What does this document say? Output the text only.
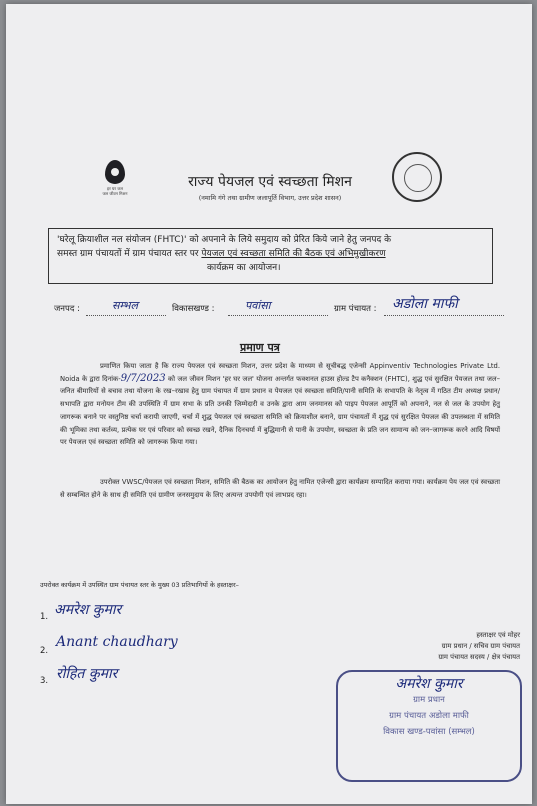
हर घर जल
जल जीवन मिशन
राज्य पेयजल एवं स्वच्छता मिशन
(नमामि गंगे तथा ग्रामीण जलापूर्ति विभाग, उत्तर प्रदेश शासन)
'घरेलू क्रियाशील नल संयोजन (FHTC)' को अपनाने के लिये समुदाय को प्रेरित किये जाने हेतु जनपद के
समस्त ग्राम पंचायतों में ग्राम पंचायत स्तर पर पेयजल एवं स्वच्छता समिति की बैठक एवं अभिमुखीकरण
कार्यक्रम का आयोजन।
जनपद :	सम्भल	विकासखण्ड :	पवांसा	ग्राम पंचायत : अडोला माफी
प्रमाण पत्र
प्रमाणित किया जाता है कि राज्य पेयजल एवं स्वच्छता मिशन, उत्तर प्रदेश के माध्यम से सूचीबद्ध एजेन्सी Appinventiv Technologies Private Ltd. Noida के द्वारा दिनांक-9/7/2023 को जल जीवन मिशन 'हर घर जल' योजना अन्तर्गत फक्शनल हाउस होल्ड टैप कनैक्शन (FHTC), शुद्ध एवं सुरक्षित पेयजल तथा जल–जनित बीमारियों से बचाव तथा योजना के रख–रखाव हेतु ग्राम पंचायत में ग्राम प्रधान व पेयजल एवं स्वच्छता समिति/पानी समिति के सभापति के नेतृत्व में गठित टीम अध्यक्ष प्रधान/सभापति द्वारा मनोयन टीम की उपस्थिति में ग्राम सभा के प्रति उनकी जिम्मेदारी व उनके द्वारा आम जनमानस को पाइप पेयजल आपूर्ति को अपनाने, नल से जल के उपयोग हेतु जागरूक बनाने पर वस्तुनिष्ठ चर्चा करायी जाएगी, चर्चा में शुद्ध पेयजल एवं स्वच्छता समिति को क्रियाशील बनाने, ग्राम पंचायतों में शुद्ध एवं सुरक्षित पेयजल की उपलब्धता में समिति की भूमिका तथा कर्तव्य, प्रत्येक घर एवं परिवार को स्वच्छ रखने, दैनिक दिनचर्या में बुद्धिमानी से पानी के उपयोग, स्वच्छता के प्रति जन सामान्य को जन–जागरूक करने आदि विषयों पर पेयजल एवं स्वच्छता समिति को जागरूक किया गया।
उपरोक्त VWSC/पेयजल एवं स्वच्छता मिशन, समिति की बैठक का आयोजन हेतु नामित एजेन्सी द्वारा कार्यक्रम सम्पादित कराया गया। कार्यक्रम पेय जल एवं स्वच्छता से सम्बन्धित होने के साथ ही समिति एवं ग्रामीण जनसमुदाय के लिए अत्यन्त उपयोगी एवं लाभप्रद रहा।
उपरोक्त कार्यक्रम में उपस्थित ग्राम पंचायत स्तर के मुख्य 03 प्रतिभागियों के हस्ताक्षर–
1. अमरेश कुमार
2.
Anant chaudhary
3. रोहित कुमार
हस्ताक्षर एवं मोहर
ग्राम प्रधान / सचिव ग्राम पंचायत
ग्राम पंचायत सदस्य / क्षेत्र पंचायत
अमरेश कुमार
ग्राम प्रधान
ग्राम पंचायत अडोला माफी
विकास खण्ड-पवांसा (सम्भल)
